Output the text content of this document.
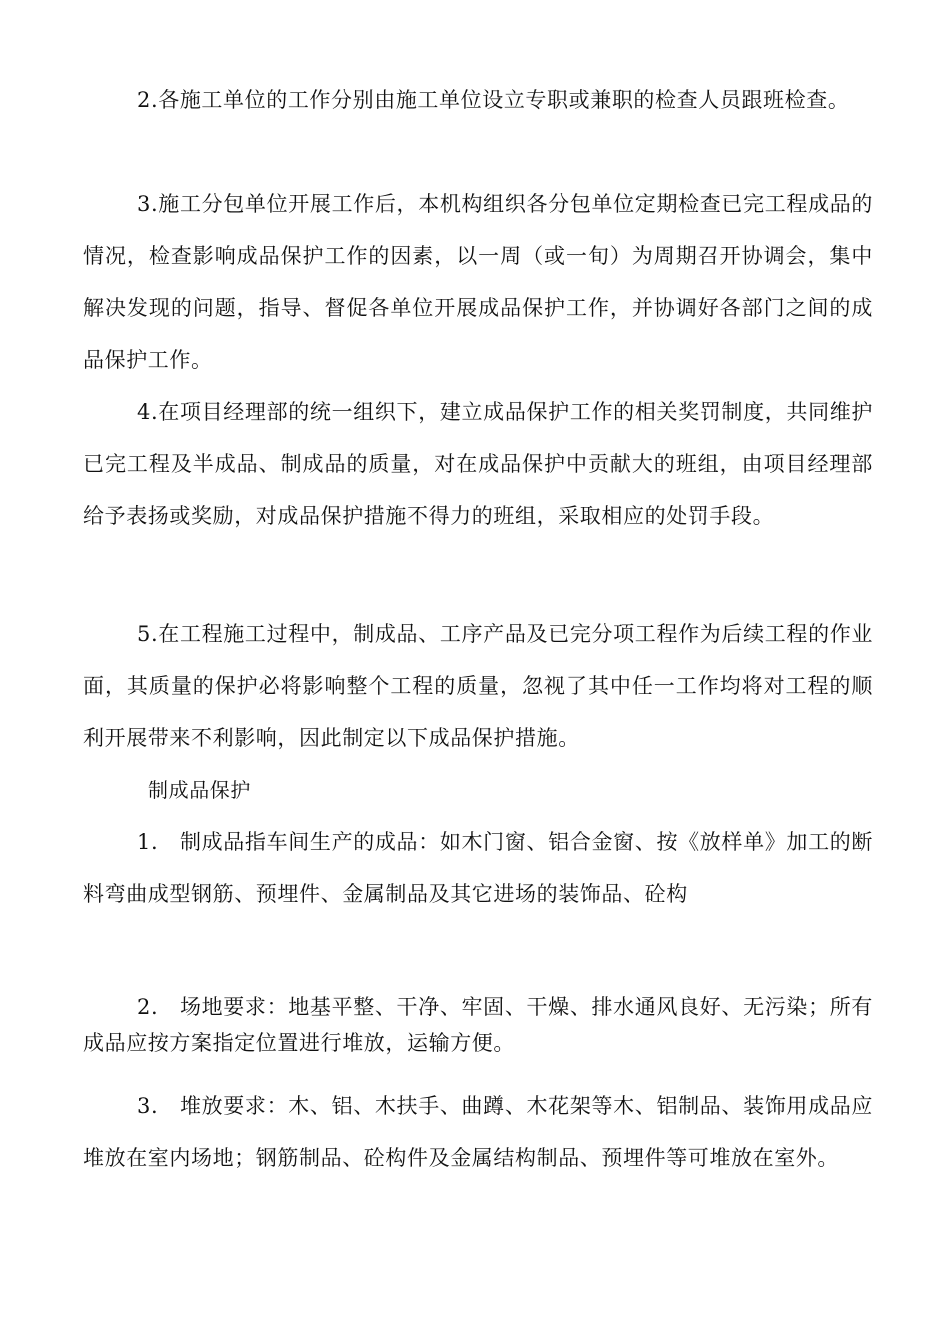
2.各施工单位的工作分别由施工单位设立专职或兼职的检查人员跟班检查。

3.施工分包单位开展工作后，本机构组织各分包单位定期检查已完工程成品的情况，检查影响成品保护工作的因素，以一周（或一旬）为周期召开协调会，集中解决发现的问题，指导、督促各单位开展成品保护工作，并协调好各部门之间的成品保护工作。

4.在项目经理部的统一组织下，建立成品保护工作的相关奖罚制度，共同维护已完工程及半成品、制成品的质量，对在成品保护中贡献大的班组，由项目经理部给予表扬或奖励，对成品保护措施不得力的班组，采取相应的处罚手段。

5.在工程施工过程中，制成品、工序产品及已完分项工程作为后续工程的作业面，其质量的保护必将影响整个工程的质量，忽视了其中任一工作均将对工程的顺利开展带来不利影响，因此制定以下成品保护措施。

制成品保护

1.　制成品指车间生产的成品：如木门窗、铝合金窗、按《放样单》加工的断料弯曲成型钢筋、预埋件、金属制品及其它进场的装饰品、砼构

2.　场地要求：地基平整、干净、牢固、干燥、排水通风良好、无污染；所有成品应按方案指定位置进行堆放，运输方便。

3.　堆放要求：木、铝、木扶手、曲蹲、木花架等木、铝制品、装饰用成品应堆放在室内场地；钢筋制品、砼构件及金属结构制品、预埋件等可堆放在室外。
